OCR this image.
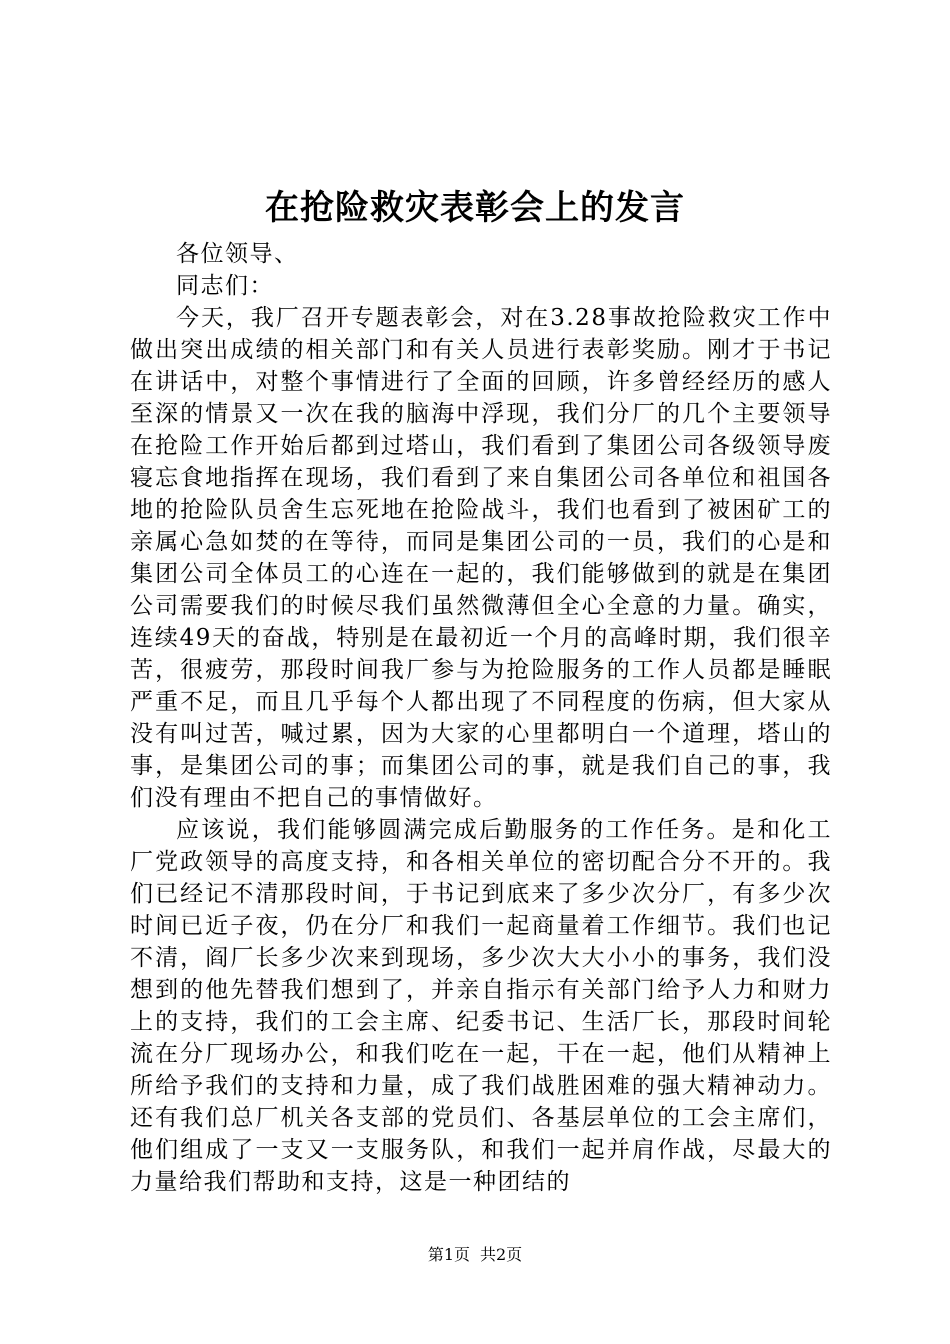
在抢险救灾表彰会上的发言

各位领导、

同志们：

今天，我厂召开专题表彰会，对在3.28事故抢险救灾工作中做出突出成绩的相关部门和有关人员进行表彰奖励。刚才于书记在讲话中，对整个事情进行了全面的回顾，许多曾经经历的感人至深的情景又一次在我的脑海中浮现，我们分厂的几个主要领导在抢险工作开始后都到过塔山，我们看到了集团公司各级领导废寝忘食地指挥在现场，我们看到了来自集团公司各单位和祖国各地的抢险队员舍生忘死地在抢险战斗，我们也看到了被困矿工的亲属心急如焚的在等待，而同是集团公司的一员，我们的心是和集团公司全体员工的心连在一起的，我们能够做到的就是在集团公司需要我们的时候尽我们虽然微薄但全心全意的力量。确实，连续49天的奋战，特别是在最初近一个月的高峰时期，我们很辛苦，很疲劳，那段时间我厂参与为抢险服务的工作人员都是睡眠严重不足，而且几乎每个人都出现了不同程度的伤病，但大家从没有叫过苦，喊过累，因为大家的心里都明白一个道理，塔山的事，是集团公司的事；而集团公司的事，就是我们自己的事，我们没有理由不把自己的事情做好。

应该说，我们能够圆满完成后勤服务的工作任务。是和化工厂党政领导的高度支持，和各相关单位的密切配合分不开的。我们已经记不清那段时间，于书记到底来了多少次分厂，有多少次时间已近子夜，仍在分厂和我们一起商量着工作细节。我们也记不清，阎厂长多少次来到现场，多少次大大小小的事务，我们没想到的他先替我们想到了，并亲自指示有关部门给予人力和财力上的支持，我们的工会主席、纪委书记、生活厂长，那段时间轮流在分厂现场办公，和我们吃在一起，干在一起，他们从精神上所给予我们的支持和力量，成了我们战胜困难的强大精神动力。还有我们总厂机关各支部的党员们、各基层单位的工会主席们，他们组成了一支又一支服务队，和我们一起并肩作战，尽最大的力量给我们帮助和支持，这是一种团结的

第1页 共2页
